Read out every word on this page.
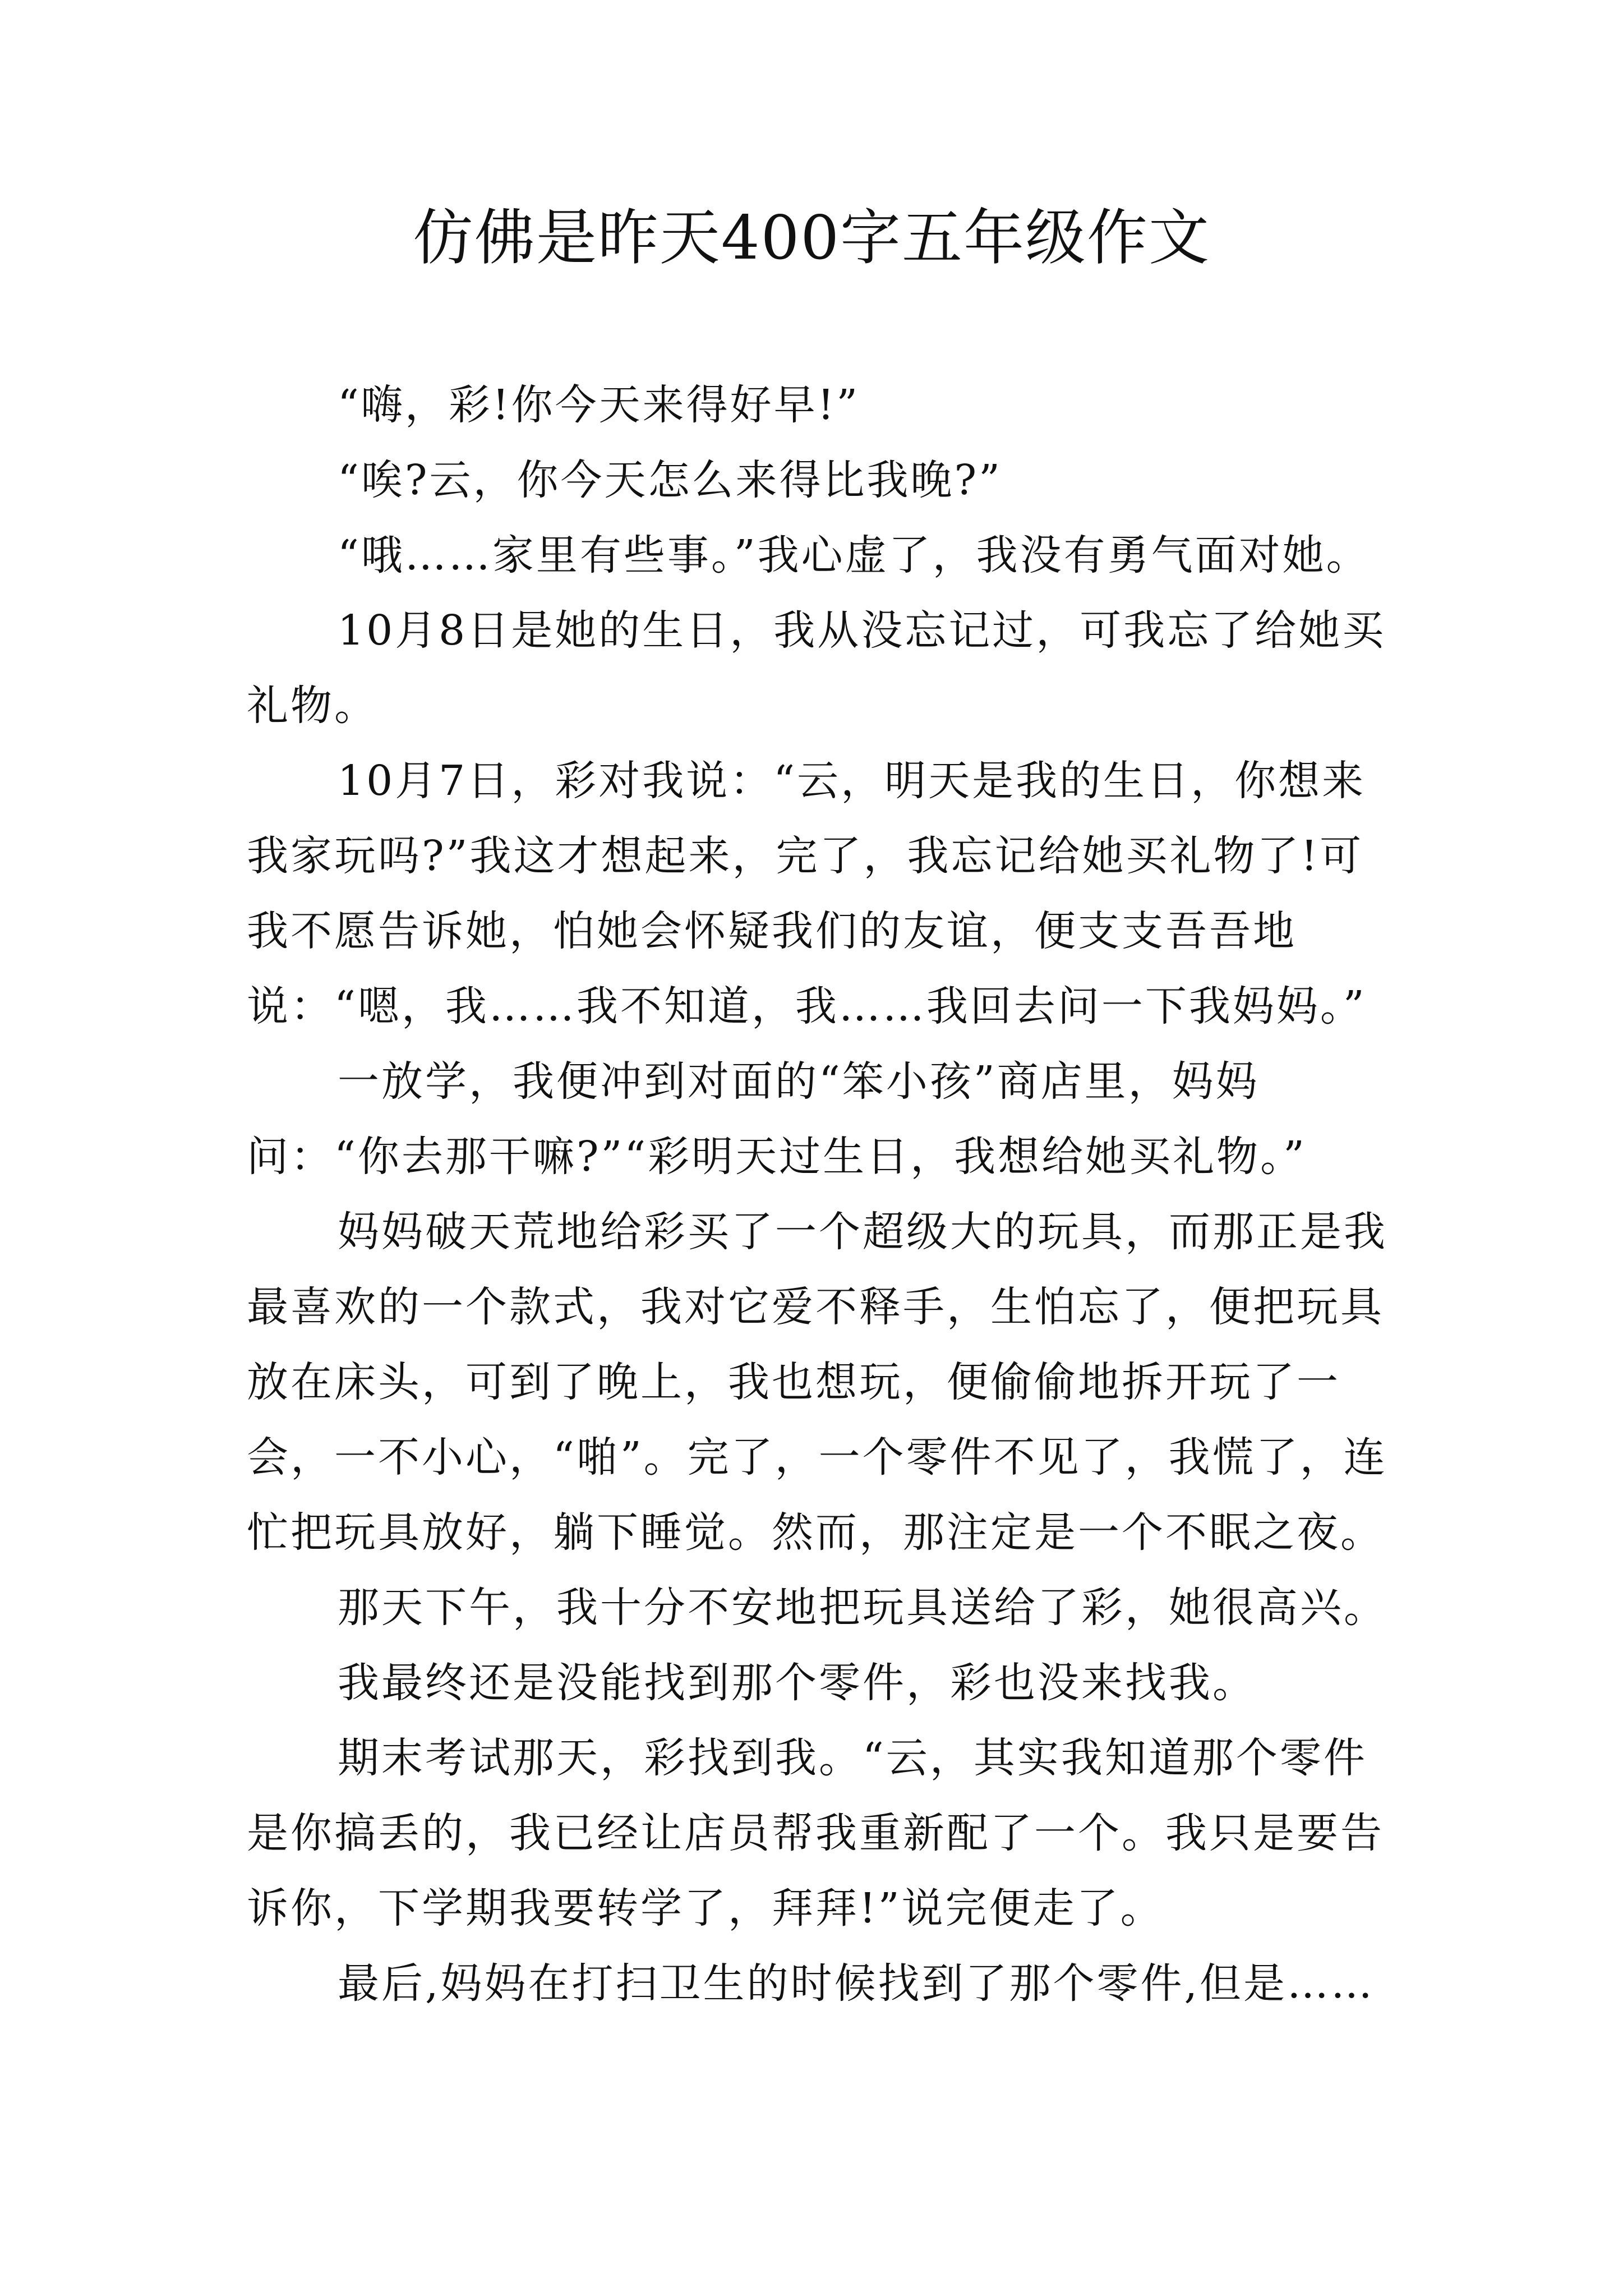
仿佛是昨天400字五年级作文

“嗨，彩!你今天来得好早!”

“唉?云，你今天怎么来得比我晚?”

“哦……家里有些事。”我心虚了，我没有勇气面对她。

10月8日是她的生日，我从没忘记过，可我忘了给她买礼物。

10月7日，彩对我说：“云，明天是我的生日，你想来我家玩吗?”我这才想起来，完了，我忘记给她买礼物了!可我不愿告诉她，怕她会怀疑我们的友谊，便支支吾吾地说：“嗯，我……我不知道，我……我回去问一下我妈妈。”

一放学，我便冲到对面的“笨小孩”商店里，妈妈问：“你去那干嘛?”“彩明天过生日，我想给她买礼物。”

妈妈破天荒地给彩买了一个超级大的玩具，而那正是我最喜欢的一个款式，我对它爱不释手，生怕忘了，便把玩具放在床头，可到了晚上，我也想玩，便偷偷地拆开玩了一会，一不小心，“啪”。完了，一个零件不见了，我慌了，连忙把玩具放好，躺下睡觉。然而，那注定是一个不眠之夜。

那天下午，我十分不安地把玩具送给了彩，她很高兴。

我最终还是没能找到那个零件，彩也没来找我。

期末考试那天，彩找到我。“云，其实我知道那个零件是你搞丢的，我已经让店员帮我重新配了一个。我只是要告诉你，下学期我要转学了，拜拜!”说完便走了。

最后,妈妈在打扫卫生的时候找到了那个零件,但是……
